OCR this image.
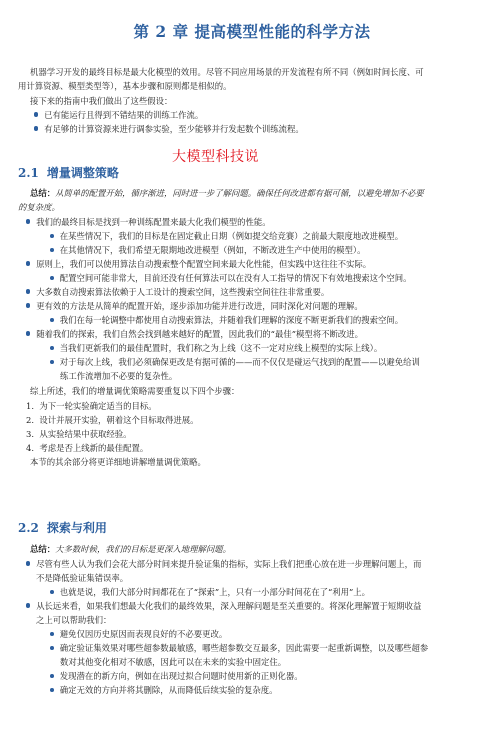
第 2 章 提高模型性能的科学方法
机器学习开发的最终目标是最大化模型的效用。尽管不同应用场景的开发流程有所不同（例如时间长度、可
用计算资源、模型类型等），基本步骤和原则都是相似的。
接下来的指南中我们做出了这些假设：
已有能运行且得到不错结果的训练工作流。
有足够的计算资源来进行调参实验，至少能够并行发起数个训练流程。
大模型科技说
2.1 增量调整策略
总结：从简单的配置开始，循序渐进，同时进一步了解问题。确保任何改进都有据可循，以避免增加不必要
的复杂度。
我们的最终目标是找到一种训练配置来最大化我们模型的性能。
在某些情况下，我们的目标是在固定截止日期（例如提交给竞赛）之前最大限度地改进模型。
在其他情况下，我们希望无限期地改进模型（例如，不断改进生产中使用的模型）。
原则上，我们可以使用算法自动搜索整个配置空间来最大化性能，但实践中这往往不实际。
配置空间可能非常大，目前还没有任何算法可以在没有人工指导的情况下有效地搜索这个空间。
大多数自动搜索算法依赖于人工设计的搜索空间，这些搜索空间往往非常重要。
更有效的方法是从简单的配置开始，逐步添加功能并进行改进，同时深化对问题的理解。
我们在每一轮调整中都使用自动搜索算法，并随着我们理解的深度不断更新我们的搜索空间。
随着我们的探索，我们自然会找到越来越好的配置，因此我们的“最佳”模型将不断改进。
当我们更新我们的最佳配置时，我们称之为上线（这不一定对应线上模型的实际上线）。
对于每次上线，我们必须确保更改是有据可循的——而不仅仅是碰运气找到的配置——以避免给训
练工作流增加不必要的复杂性。
综上所述，我们的增量调优策略需要重复以下四个步骤：
1.  为下一轮实验确定适当的目标。
2.  设计并展开实验，朝着这个目标取得进展。
3.  从实验结果中获取经验。
4.  考虑是否上线新的最佳配置。
本节的其余部分将更详细地讲解增量调优策略。
2.2 探索与利用
总结：大多数时候，我们的目标是更深入地理解问题。
尽管有些人认为我们会花大部分时间来提升验证集的指标，实际上我们把重心放在进一步理解问题上，而
不是降低验证集错误率。
也就是说，我们大部分时间都花在了“探索”上，只有一小部分时间花在了“利用”上。
从长远来看，如果我们想最大化我们的最终效果，深入理解问题是至关重要的。将深化理解置于短期收益
之上可以帮助我们：
避免仅因历史原因而表现良好的不必要更改。
确定验证集效果对哪些超参数最敏感，哪些超参数交互最多，因此需要一起重新调整，以及哪些超参
数对其他变化相对不敏感，因此可以在未来的实验中固定住。
发现潜在的新方向，例如在出现过拟合问题时使用新的正则化器。
确定无效的方向并将其删除，从而降低后续实验的复杂度。
